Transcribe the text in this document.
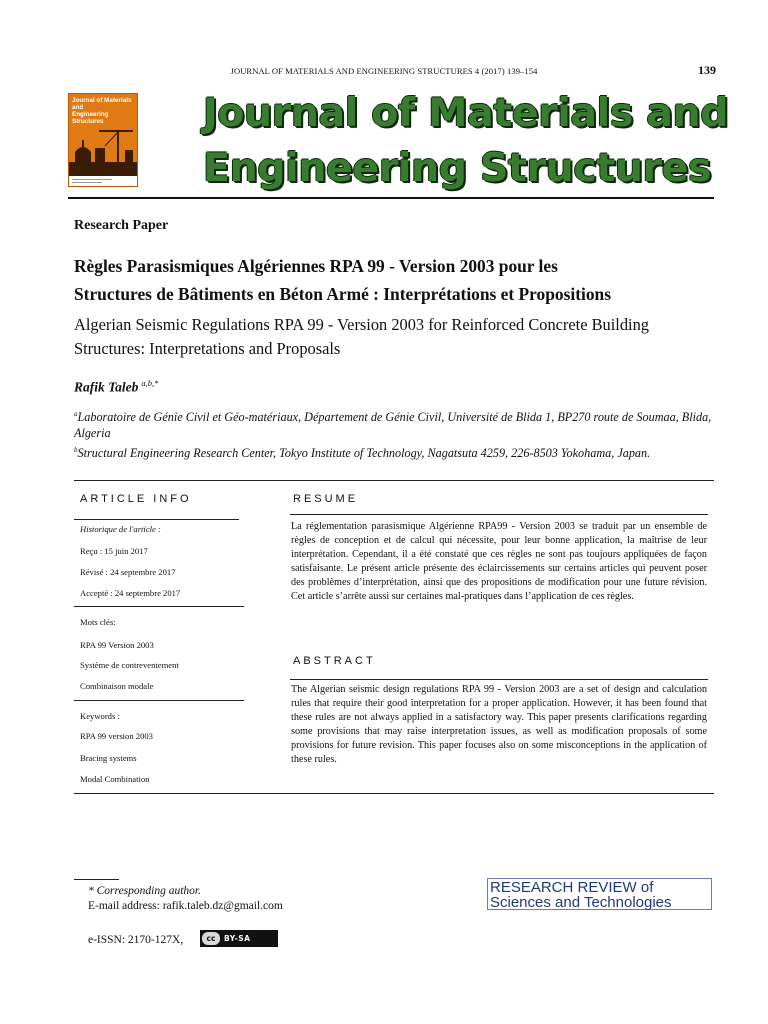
JOURNAL OF MATERIALS AND ENGINEERING STRUCTURES 4 (2017) 139–154	139
Journal of Materials and
Engineering Structures	Journal of Materials and
Engineering Structures
Research Paper
Règles Parasismiques Algériennes RPA 99 - Version 2003 pour les
Structures de Bâtiments en Béton Armé : Interprétations et Propositions
Algerian Seismic Regulations RPA 99 - Version 2003 for Reinforced Concrete Building
Structures: Interpretations and Proposals
Rafik Taleb $^{a,b,*}$
$^a$Laboratoire de Génie Civil et Géo-matériaux, Département de Génie Civil, Université de Blida 1, BP270 route de Soumaa, Blida, Algeria
$^b$Structural Engineering Research Center, Tokyo Institute of Technology, Nagatsuta 4259, 226-8503 Yokohama, Japan.
ARTICLE INFO
Historique de l'article :
Reçu : 15 juin 2017
Révisé : 24 septembre 2017
Accepté : 24 septembre 2017
Mots clés:
RPA 99 Version 2003
Système de contreventement
Combinaison modale
Keywords :
RPA 99 version 2003
Bracing systems
Modal Combination
RESUME
La réglementation parasismique Algérienne RPA99 - Version 2003 se traduit par un ensemble de règles de conception et de calcul qui nécessite, pour leur bonne application, la maîtrise de leur interprétation. Cependant, il a été constaté que ces règles ne sont pas toujours appliquées de façon satisfaisante. Le présent article présente des éclaircissements sur certains articles qui peuvent poser des problèmes d’interprétation, ainsi que des propositions de modification pour une future révision. Cet article s’arrête aussi sur certaines mal-pratiques dans l’application de ces règles.
ABSTRACT
The Algerian seismic design regulations RPA 99 - Version 2003 are a set of design and calculation rules that require their good interpretation for a proper application. However, it has been found that these rules are not always applied in a satisfactory way. This paper presents clarifications regarding some provisions that may raise interpretation issues, as well as modification proposals of some provisions for future revision. This paper focuses also on some misconceptions in the application of these rules.
* Corresponding author.
E-mail address: rafik.taleb.dz@gmail.com
e-ISSN: 2170-127X,	cc	BY-SA
RESEARCH REVIEW of
Sciences and Technologies
